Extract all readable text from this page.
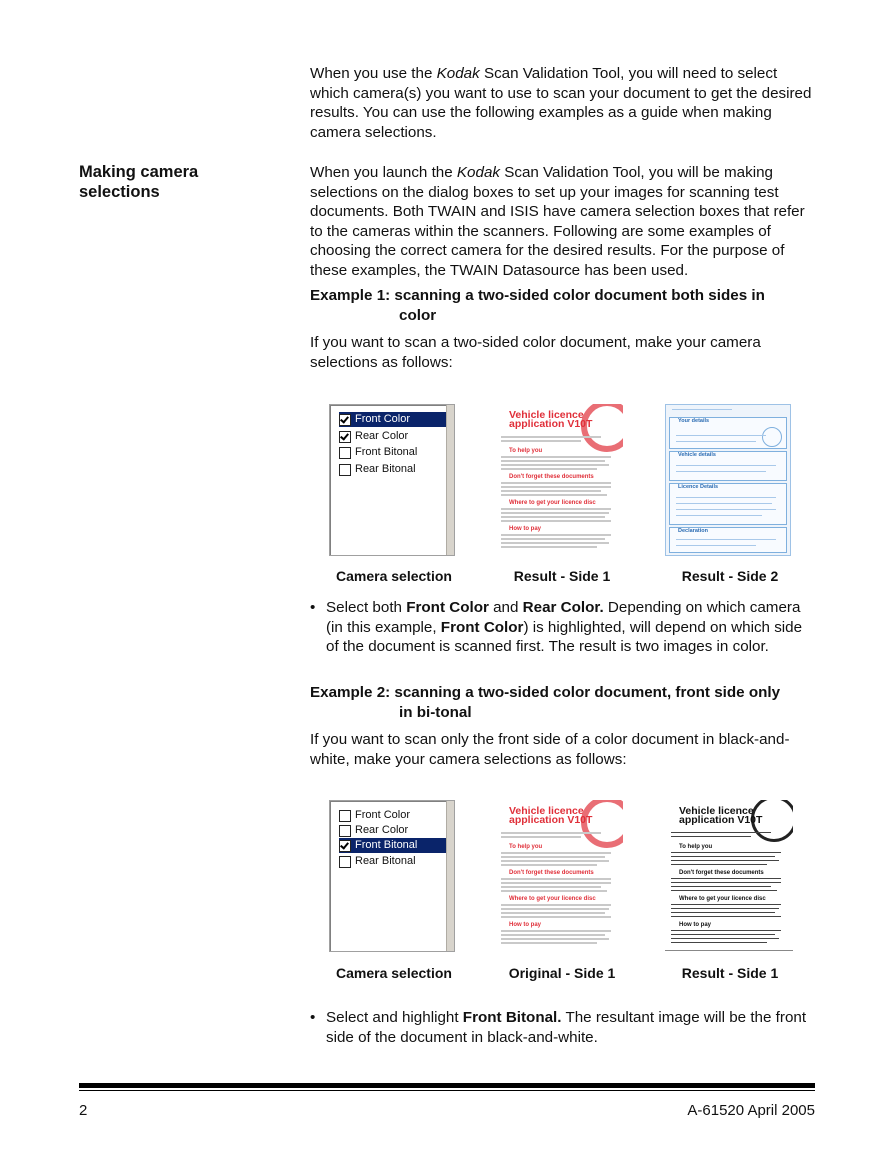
When you use the Kodak Scan Validation Tool, you will need to select which camera(s) you want to use to scan your document to get the desired results. You can use the following examples as a guide when making camera selections.

Making camera selections

When you launch the Kodak Scan Validation Tool, you will be making selections on the dialog boxes to set up your images for scanning test documents. Both TWAIN and ISIS have camera selection boxes that refer to the cameras within the scanners. Following are some examples of choosing the correct camera for the desired results. For the purpose of these examples, the TWAIN Datasource has been used.

Example 1: scanning a two-sided color document both sides in
color

If you want to scan a two-sided color document, make your camera selections as follows:

Front Color
Rear Color
Front Bitonal
Rear Bitonal
Vehicle licence
application V10T
To help you
Don't forget these documents
Where to get your licence disc
How to pay
Your details
Vehicle details
Licence Details
Declaration
Camera selection	Result - Side 1	Result - Side 2
• Select both Front Color and Rear Color. Depending on which camera (in this example, Front Color) is highlighted, will depend on which side of the document is scanned first. The result is two images in color.

Example 2: scanning a two-sided color document, front side only
in bi-tonal

If you want to scan only the front side of a color document in black-and-white, make your camera selections as follows:

Front Color
Rear Color
Front Bitonal
Rear Bitonal
Vehicle licence
application V10T
To help you
Don't forget these documents
Where to get your licence disc
How to pay
Vehicle licence
application V10T
To help you
Don't forget these documents
Where to get your licence disc
How to pay
Camera selection	Original - Side 1	Result - Side 1
• Select and highlight Front Bitonal. The resultant image will be the front side of the document in black-and-white.
2	A-61520 April 2005
